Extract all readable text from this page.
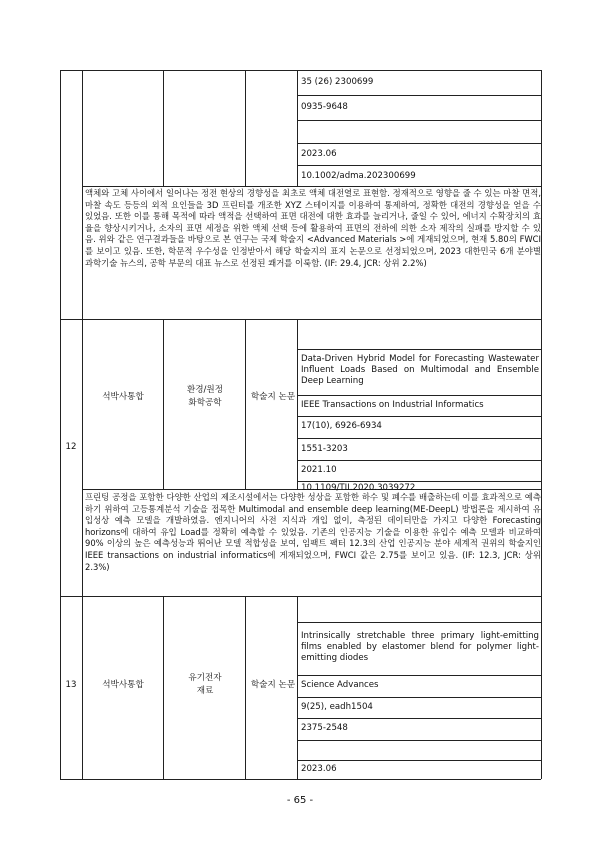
35 (26) 2300699
0935-9648
2023.06
10.1002/adma.202300699
액체와 고체 사이에서 일어나는 정전 현상의 경향성을 최초로 액체 대전열로 표현함. 정재적으로 영향을 줄 수 있는 마찰 면적, 마찰 속도 등등의 외적 요인들을 3D 프린터를 개조한 XYZ 스테이지를 이용하여 통제하여, 정확한 대전의 경향성을 얻을 수 있었음. 또한 이를 통해 목적에 따라 액적을 선택하여 표면 대전에 대한 효과를 늘리거나, 줄일 수 있어, 에너지 수확장치의 효율을 향상시키거나, 소자의 표면 세정을 위한 액체 선택 등에 활용하여 표면의 전하에 의한 소자 제작의 실패를 방지할 수 있음. 위와 같은 연구결과들을 바탕으로 본 연구는 국제 학술지 <Advanced Materials >에 게재되었으며, 현재 5.80의 FWCI를 보이고 있음. 또한, 학문적 우수성을 인정받아서 해당 학술지의 표지 논문으로 선정되었으며, 2023 대한민국 6개 분야별 과학기술 뉴스의, 공학 부문의 대표 뉴스로 선정된 쾌거를 이룩함. (IF: 29.4, JCR: 상위 2.2%)
12
석박사통합
환경/원정
화학공학
학술지 논문
Data-Driven Hybrid Model for Forecasting Wastewater Influent Loads Based on Multimodal and Ensemble Deep Learning
IEEE Transactions on Industrial Informatics
17(10), 6926-6934
1551-3203
2021.10
10.1109/TII.2020.3039272
프린팅 공정을 포함한 다양한 산업의 제조시설에서는 다양한 성상을 포함한 하수 및 폐수를 배출하는데 이를 효과적으로 예측하기 위하여 고등통계분석 기술을 접목한 Multimodal and ensemble deep learning(ME-DeepL) 방법론을 제시하여 유입성상 예측 모델을 개발하였음. 엔지니어의 사전 지식과 개입 없이, 측정된 데이터만을 가지고 다양한 Forecasting horizons에 대하여 유입 Load를 정확히 예측할 수 있었음. 기존의 인공지능 기술을 이용한 유입수 예측 모델과 비교하여 90% 이상의 높은 예측성능과 뛰어난 모델 적합성을 보여, 임팩트 팩터 12.3의 산업 인공지능 분야 세계적 권위의 학술지인 IEEE transactions on industrial informatics에 게재되었으며, FWCI 값은 2.75를 보이고 있음. (IF: 12.3, JCR: 상위 2.3%)
13	석박사통합
유기전자
재료
학술지 논문
Intrinsically stretchable three primary light-emitting films enabled by elastomer blend for polymer light-emitting diodes
Science Advances
9(25), eadh1504
2375-2548
2023.06
- 65 -
